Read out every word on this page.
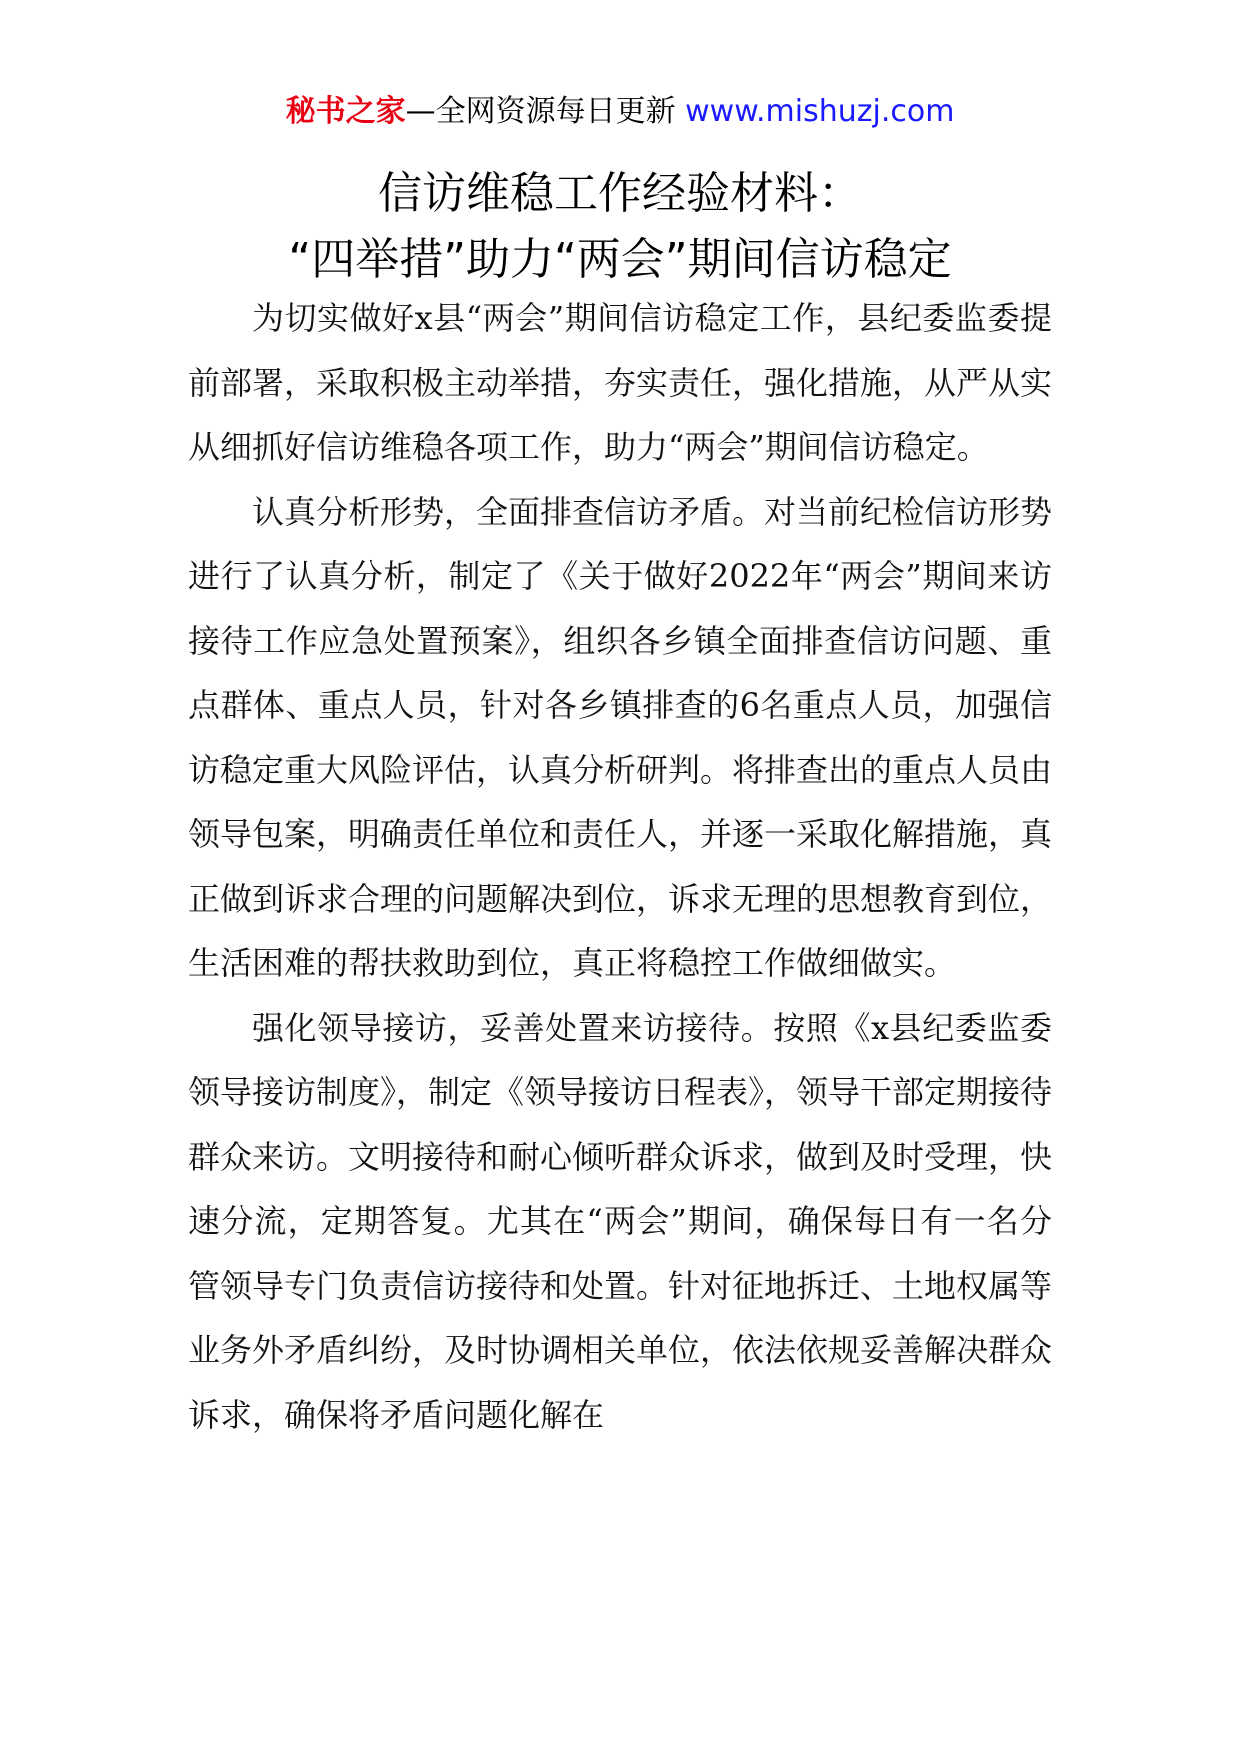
秘书之家—全网资源每日更新 www.mishuzj.com
信访维稳工作经验材料：
“四举措”助力“两会”期间信访稳定

为切实做好x县“两会”期间信访稳定工作，县纪委监委提前部署，采取积极主动举措，夯实责任，强化措施，从严从实从细抓好信访维稳各项工作，助力“两会”期间信访稳定。

认真分析形势，全面排查信访矛盾。对当前纪检信访形势进行了认真分析，制定了《关于做好2022年“两会”期间来访接待工作应急处置预案》，组织各乡镇全面排查信访问题、重点群体、重点人员，针对各乡镇排查的6名重点人员，加强信访稳定重大风险评估，认真分析研判。将排查出的重点人员由领导包案，明确责任单位和责任人，并逐一采取化解措施，真正做到诉求合理的问题解决到位，诉求无理的思想教育到位，生活困难的帮扶救助到位，真正将稳控工作做细做实。

强化领导接访，妥善处置来访接待。按照《x县纪委监委领导接访制度》，制定《领导接访日程表》，领导干部定期接待群众来访。文明接待和耐心倾听群众诉求，做到及时受理，快速分流，定期答复。尤其在“两会”期间，确保每日有一名分管领导专门负责信访接待和处置。针对征地拆迁、土地权属等业务外矛盾纠纷，及时协调相关单位，依法依规妥善解决群众诉求，确保将矛盾问题化解在
